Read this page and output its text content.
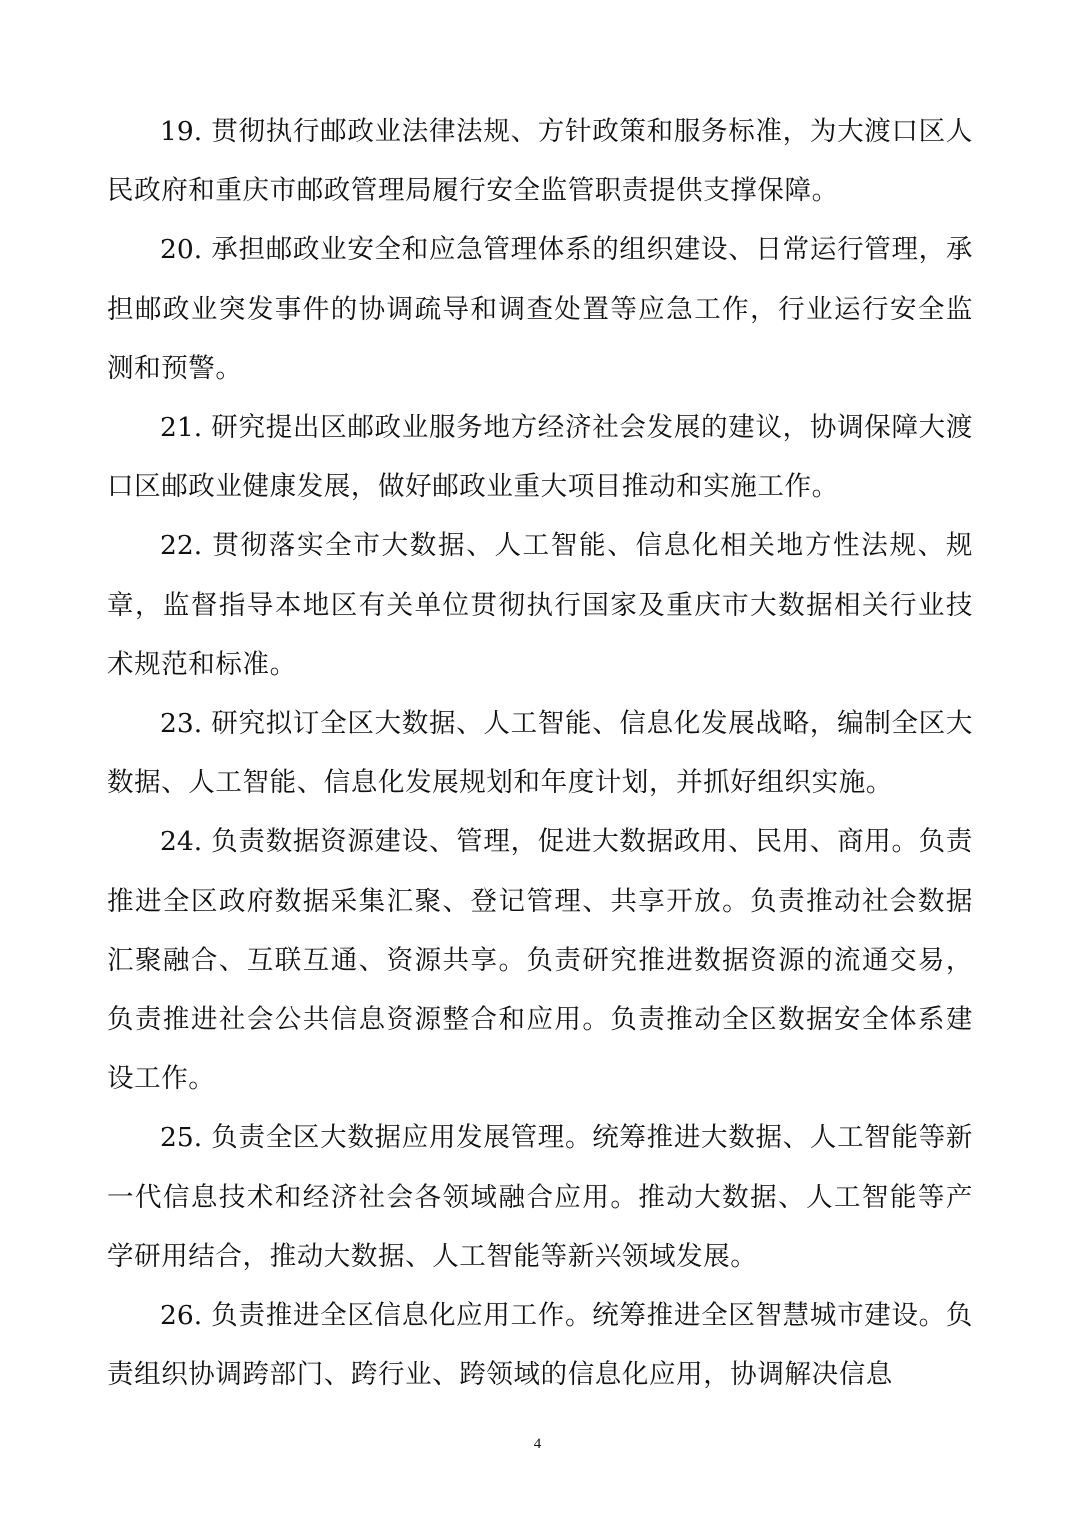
19. 贯彻执行邮政业法律法规、方针政策和服务标准，为大渡口区人民政府和重庆市邮政管理局履行安全监管职责提供支撑保障。

20. 承担邮政业安全和应急管理体系的组织建设、日常运行管理，承担邮政业突发事件的协调疏导和调查处置等应急工作，行业运行安全监测和预警。

21. 研究提出区邮政业服务地方经济社会发展的建议，协调保障大渡口区邮政业健康发展，做好邮政业重大项目推动和实施工作。

22. 贯彻落实全市大数据、人工智能、信息化相关地方性法规、规章，监督指导本地区有关单位贯彻执行国家及重庆市大数据相关行业技术规范和标准。

23. 研究拟订全区大数据、人工智能、信息化发展战略，编制全区大数据、人工智能、信息化发展规划和年度计划，并抓好组织实施。

24. 负责数据资源建设、管理，促进大数据政用、民用、商用。负责推进全区政府数据采集汇聚、登记管理、共享开放。负责推动社会数据汇聚融合、互联互通、资源共享。负责研究推进数据资源的流通交易，负责推进社会公共信息资源整合和应用。负责推动全区数据安全体系建设工作。

25. 负责全区大数据应用发展管理。统筹推进大数据、人工智能等新一代信息技术和经济社会各领域融合应用。推动大数据、人工智能等产学研用结合，推动大数据、人工智能等新兴领域发展。

26. 负责推进全区信息化应用工作。统筹推进全区智慧城市建设。负责组织协调跨部门、跨行业、跨领域的信息化应用，协调解决信息

4
